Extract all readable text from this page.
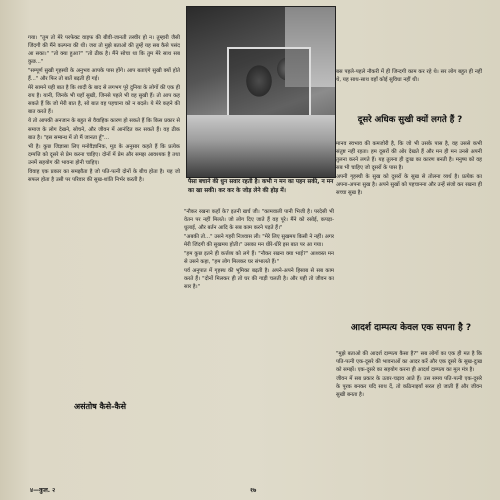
गया। "तुम तो मेरे परफेक्ट वाइफ की बीवी-जानती तस्वीर हो न। तुम्हारी जैसी जिंदगी की मैंने कल्पना की थी। जरा तो मुझे बताओ की तुम्हें यह सब कैसे पसंद आ सका।" "तो क्या हुआ?" "तो ठीक है। मैंने सोचा था कि तुम मेरे साथ सब कुछ..."

"सम्पूर्ण सुखी गृहस्थी के अनुभव आपके पास होंगे। आप बताएंगे सुखी क्यों होते हैं..." और फिर तो बातें बढ़ती ही गई।

मेरे सामने यही बात है कि शादी के बाद से लगभग पूरे दुनिया के लोगों की एक ही राय है। यानी, जिनके भी यहाँ सुखी, जिनसे पहले भी वह सुखी हैं। तो आप कह सकते हैं कि जो मेरी बात है, सो बात वह पहचाना को न बदले। ये मेरे कहने की बात करते हैं।

ये तो आपकी अनजान के बहुत से वैवाहिक कारण हो सकते हैं कि किस प्रकार से समाज के लोग देखने, सोचने, और जीवन में आनंदित कर सकते हैं। वह ठीक बात है। "इस सम्बन्ध में तो मैं जानता हूँ"...

भी है। कुछ जिज्ञासा लिए मनोवैज्ञानिक, मूड के अनुसार कहते हैं कि प्रत्येक दम्पत्ति को दूसरे से प्रेम करना चाहिए। दोनों में प्रेम और समझ आवश्यक है तथा उनमें सहयोग की भावना होनी चाहिए।

विवाह एक प्रकार का समझौता है जो पति-पत्नी दोनों के बीच होता है। यह जो सफल होता है उसी पर परिवार की सुख-शांति निर्भर करती है।

असंतोष कैसे-कैसे
पैसा बचाने की धुन सवार रहती है। कभी न मन का पहन सकी, न मन का खा सकी। कर कर के जोड़ लेने की होड़ में।

"नौकर रखना कहाँ के? इतनी खर्च जी। "कामवाली पानी भिजी है। परदेसी भी वेतन पर नहीं मिलते। जो लोग दिए जाते हैं वह पूरे। मैंने को रसोई, कपड़ा-धुलाई, और बर्तन आदि के सब काम करने पड़ते हैं।"

"अबकी तो..." उसने गहरी निःश्वास ली। "मेरे लिए सुखमय किसी ने नहीं। अगर मेरी जिंदगी की सुखमय होती।" उसका मन धीरे-धीरे इस बात पर आ गया।

"हम कुछ इतने ही कर्त्तव्य को लगे हैं। "नौकर रखना क्या भाई?" आश्वस्त मन से उसने कहा, "हम लोग मिलकर घर संभालते हैं।"

पर्व अनुपात में गृहस्थ की भूमिका बढ़ती है। अपने-अपने हिसाब से सब काम करते हैं। "दोनों मिलकर ही तो घर की गाड़ी चलती है। और यही तो जीवन का सार है।"

बस पहले-पहले नौकरी में ही जिन्दगी काम कर रहे थे। सर लोग बहुत ही नहीं थे, यह साथ-साथ वहाँ कोई सुविधा नहीं थी।

दूसरे अधिक सुखी क्यों लगते हैं ?

मानव स्वभाव की कमजोरी है, कि जो भी उसके पास है, वह उससे कभी संतुष्ट नहीं रहता। हम दूसरों की ओर देखते हैं और मन ही मन उनसे अपनी तुलना करने लगते हैं। यह तुलना ही दुःख का कारण बनती है। मनुष्य को वह सब भी चाहिए जो दूसरों के पास है।

अपनी गृहस्थी के सुख को दूसरों के सुख से तोलना व्यर्थ है। प्रत्येक का अपना-अपना सुख है। अपने सुखों को पहचानना और उन्हें संजो कर रखना ही सच्चा सुख है।

आदर्श दाम्पत्य केवल एक सपना है ?

"मुझे बताओ की आदर्श दाम्पत्य कैसा है?" सब लोगों का एक ही मत है कि पति-पत्नी एक-दूसरे की भावनाओं का आदर करें और एक दूसरे के सुख-दुःख को समझें। एक-दूसरे का सहयोग करना ही आदर्श दाम्पत्य का मूल मंत्र है।

जीवन में सब प्रकार के उतार-चढ़ाव आते हैं। उस समय पति-पत्नी एक-दूसरे के पूरक बनकर यदि साथ दें, तो कठिनाइयाँ सरल हो जाती हैं और जीवन सुखी बनता है।

४—कुल. २	१७
